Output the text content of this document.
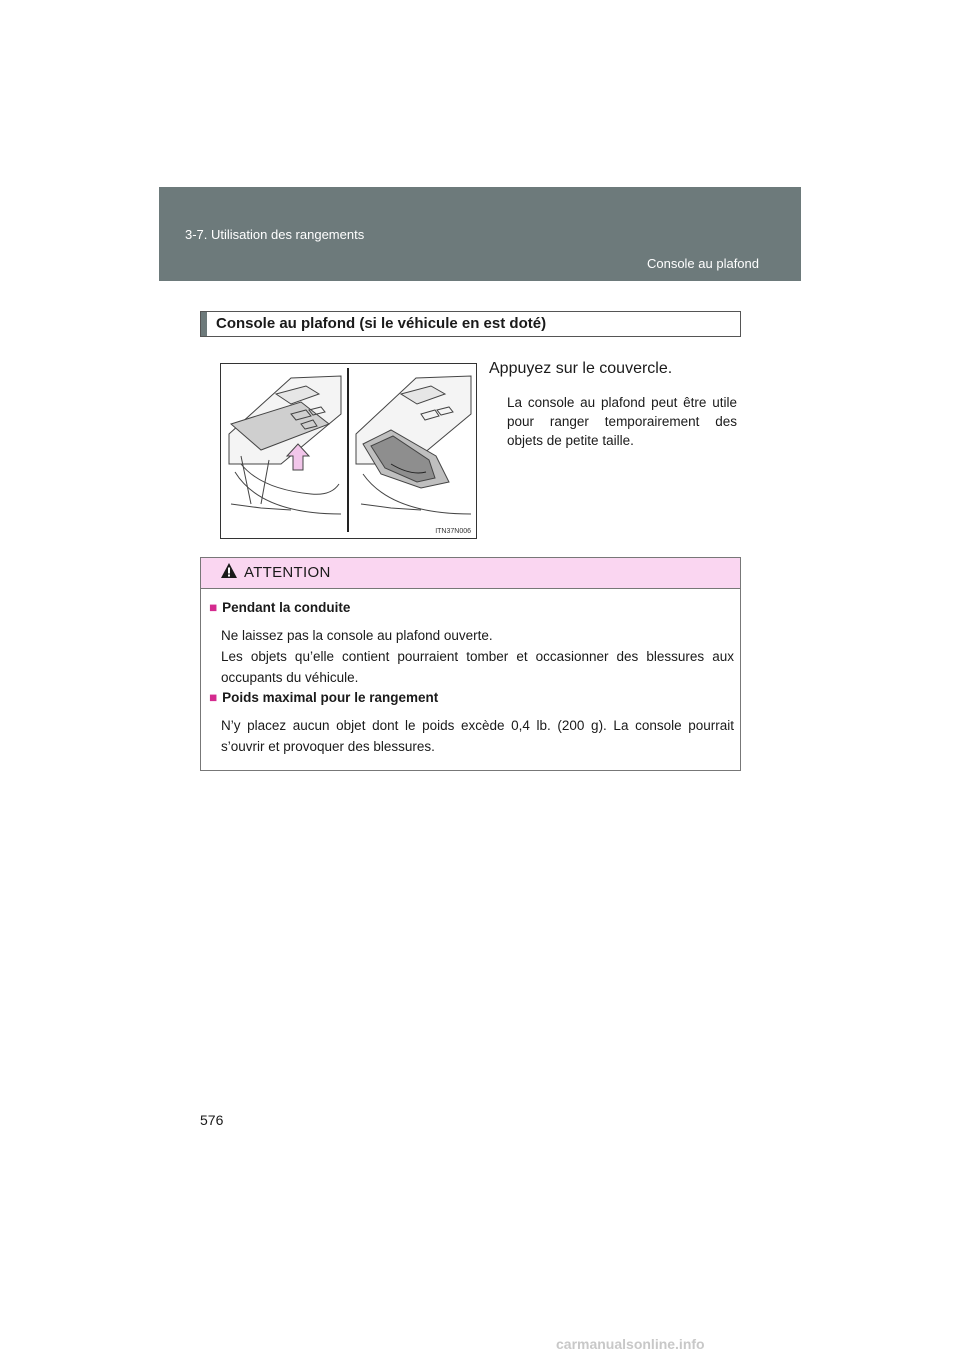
3-7. Utilisation des rangements
Console au plafond
Console au plafond (si le véhicule en est doté)
ITN37N006
Appuyez sur le couvercle.
La console au plafond peut être utile pour ranger temporairement des objets de petite taille.
ATTENTION
■ Pendant la conduite
Ne laissez pas la console au plafond ouverte.
Les objets qu’elle contient pourraient tomber et occasionner des blessures aux occupants du véhicule.
■ Poids maximal pour le rangement
N’y placez aucun objet dont le poids excède 0,4 lb. (200 g). La console pourrait s’ouvrir et provoquer des blessures.
576
carmanualsonline.info
